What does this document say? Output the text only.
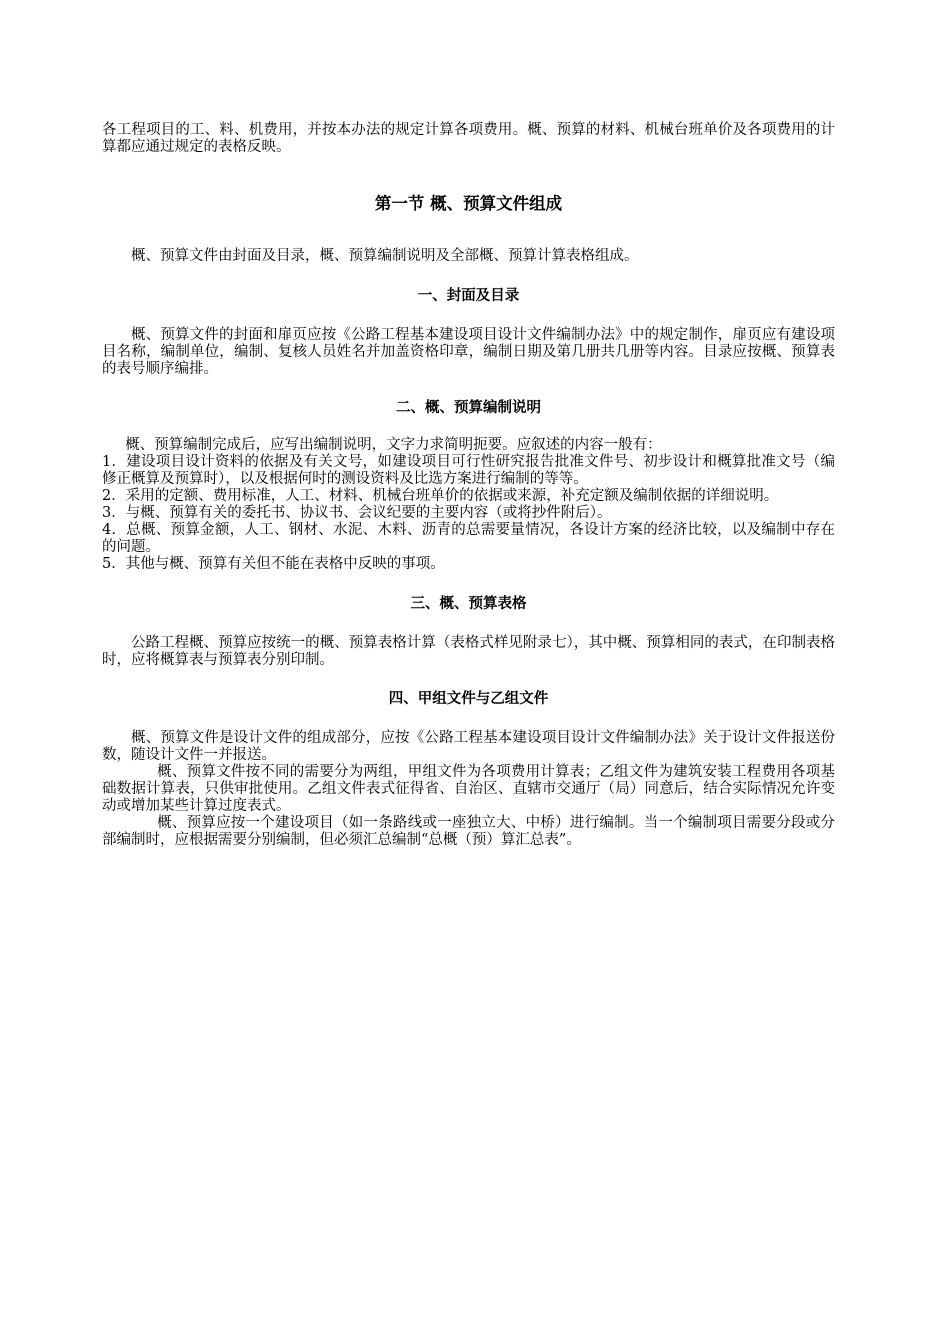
各工程项目的工、料、机费用，并按本办法的规定计算各项费用。概、预算的材料、机械台班单价及各项费用的计算都应通过规定的表格反映。

第一节 概、预算文件组成

概、预算文件由封面及目录，概、预算编制说明及全部概、预算计算表格组成。

一、封面及目录

概、预算文件的封面和扉页应按《公路工程基本建设项目设计文件编制办法》中的规定制作，扉页应有建设项目名称，编制单位，编制、复核人员姓名并加盖资格印章，编制日期及第几册共几册等内容。目录应按概、预算表的表号顺序编排。

二、概、预算编制说明

概、预算编制完成后，应写出编制说明，文字力求简明扼要。应叙述的内容一般有：

1．建设项目设计资料的依据及有关文号，如建设项目可行性研究报告批准文件号、初步设计和概算批准文号（编修正概算及预算时），以及根据何时的测设资料及比选方案进行编制的等等。

2．采用的定额、费用标准，人工、材料、机械台班单价的依据或来源，补充定额及编制依据的详细说明。

3．与概、预算有关的委托书、协议书、会议纪要的主要内容（或将抄件附后）。

4．总概、预算金额，人工、钢材、水泥、木料、沥青的总需要量情况，各设计方案的经济比较，以及编制中存在的问题。

5．其他与概、预算有关但不能在表格中反映的事项。

三、概、预算表格

公路工程概、预算应按统一的概、预算表格计算（表格式样见附录七），其中概、预算相同的表式，在印制表格时，应将概算表与预算表分别印制。

四、甲组文件与乙组文件

概、预算文件是设计文件的组成部分，应按《公路工程基本建设项目设计文件编制办法》关于设计文件报送份数，随设计文件一并报送。

概、预算文件按不同的需要分为两组，甲组文件为各项费用计算表；乙组文件为建筑安装工程费用各项基础数据计算表，只供审批使用。乙组文件表式征得省、自治区、直辖市交通厅（局）同意后，结合实际情况允许变动或增加某些计算过度表式。

概、预算应按一个建设项目（如一条路线或一座独立大、中桥）进行编制。当一个编制项目需要分段或分部编制时，应根据需要分别编制，但必须汇总编制“总概（预）算汇总表”。
